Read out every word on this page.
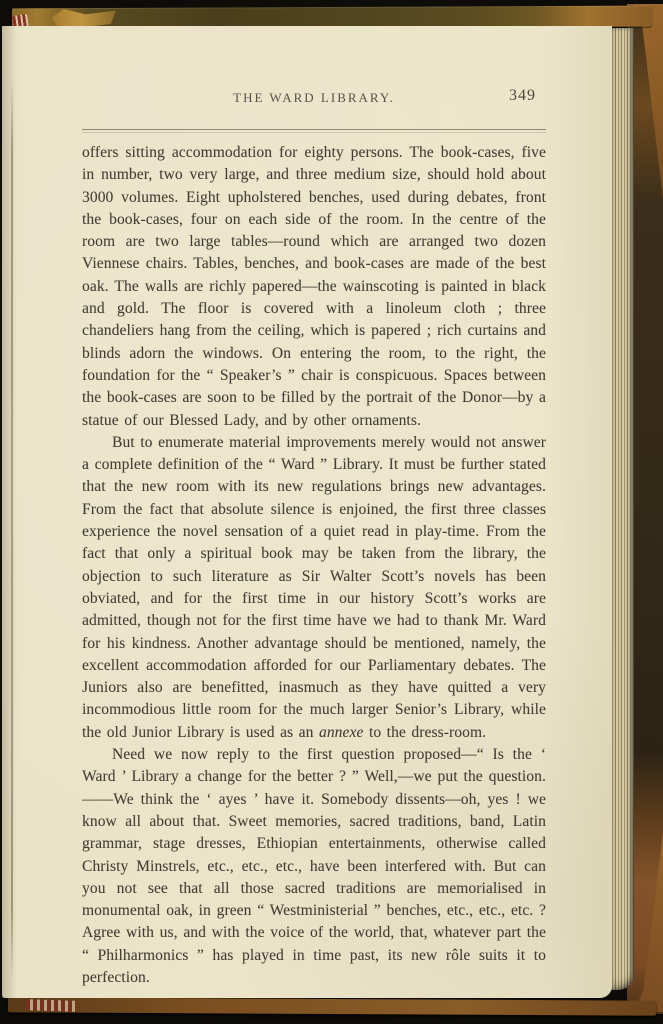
THE WARD LIBRARY.	349

offers sitting accommodation for eighty persons. The book-cases, five in number, two very large, and three medium size, should hold about 3000 volumes. Eight upholstered benches, used during debates, front the book-cases, four on each side of the room. In the centre of the room are two large tables—round which are arranged two dozen Viennese chairs. Tables, benches, and book-cases are made of the best oak. The walls are richly papered—the wainscoting is painted in black and gold. The floor is covered with a linoleum cloth ; three chandeliers hang from the ceiling, which is papered ; rich curtains and blinds adorn the windows. On entering the room, to the right, the foundation for the “ Speaker’s ” chair is conspicuous. Spaces between the book-cases are soon to be filled by the portrait of the Donor—by a statue of our Blessed Lady, and by other ornaments.

But to enumerate material improvements merely would not answer a complete definition of the “ Ward ” Library. It must be further stated that the new room with its new regulations brings new advantages. From the fact that absolute silence is enjoined, the first three classes experience the novel sensation of a quiet read in play-time. From the fact that only a spiritual book may be taken from the library, the objection to such literature as Sir Walter Scott’s novels has been obviated, and for the first time in our history Scott’s works are admitted, though not for the first time have we had to thank Mr. Ward for his kindness. Another advantage should be mentioned, namely, the excellent accommodation afforded for our Parliamentary debates. The Juniors also are benefitted, inasmuch as they have quitted a very incommodious little room for the much larger Senior’s Library, while the old Junior Library is used as an annexe to the dress-room.

Need we now reply to the first question proposed—“ Is the ‘ Ward ’ Library a change for the better ? ” Well,—we put the question.——We think the ‘ ayes ’ have it. Somebody dissents—oh, yes ! we know all about that. Sweet memories, sacred traditions, band, Latin grammar, stage dresses, Ethiopian entertainments, otherwise called Christy Minstrels, etc., etc., etc., have been interfered with. But can you not see that all those sacred traditions are memorialised in monumental oak, in green “ Westministerial ” benches, etc., etc., etc. ? Agree with us, and with the voice of the world, that, whatever part the “ Philharmonics ” has played in time past, its new rôle suits it to perfection.
